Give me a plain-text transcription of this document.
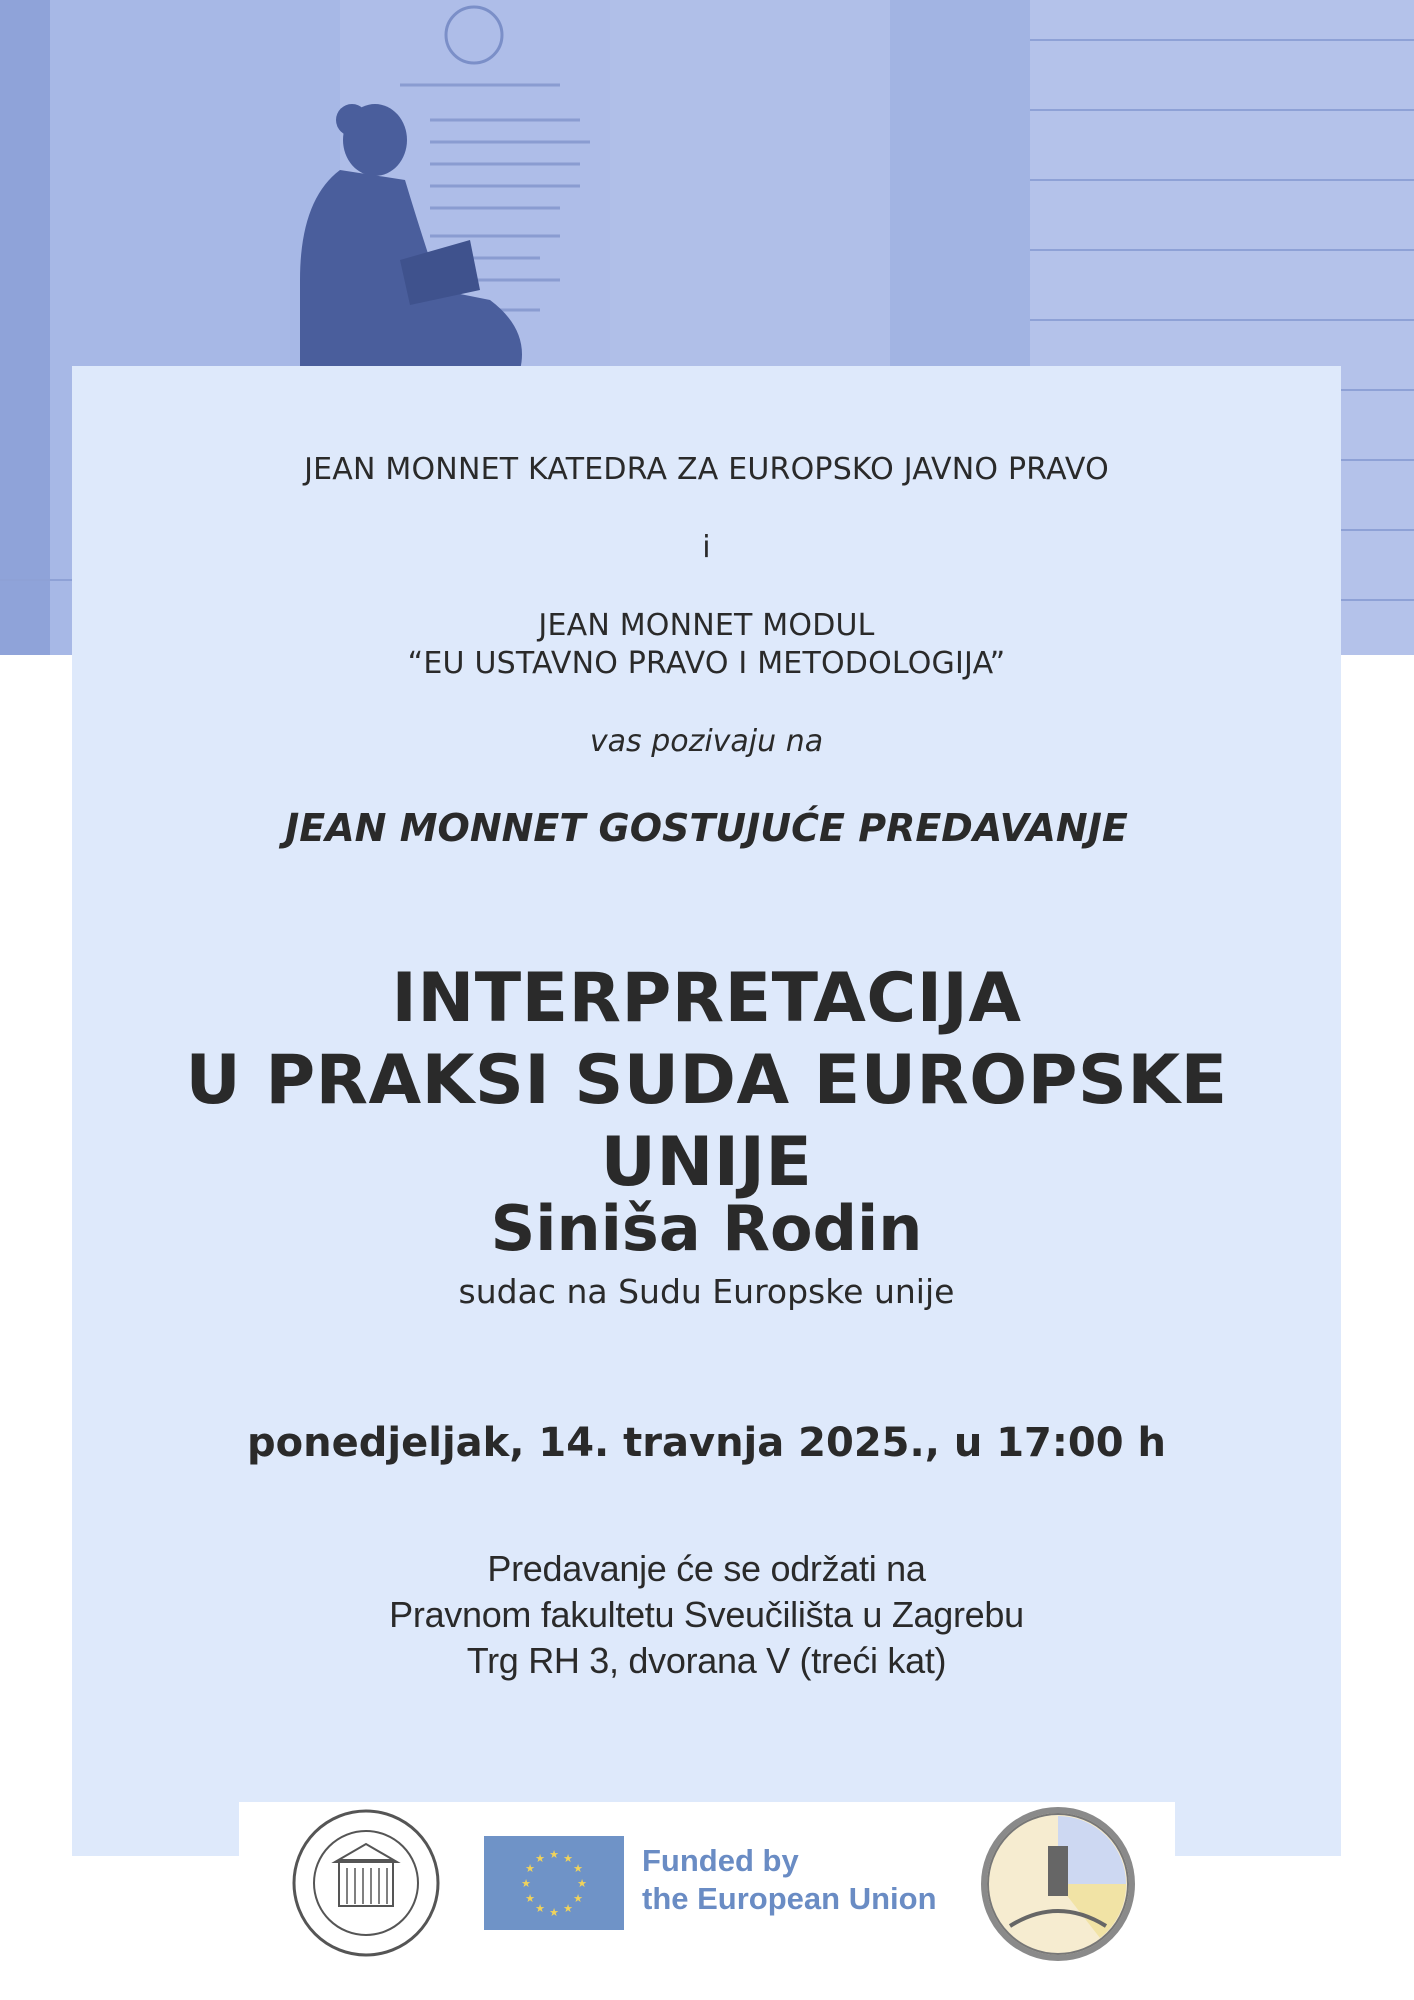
JEAN MONNET KATEDRA ZA EUROPSKO JAVNO PRAVO

i

JEAN MONNET MODUL

“EU USTAVNO PRAVO I METODOLOGIJA”

vas pozivaju na

JEAN MONNET GOSTUJUĆE PREDAVANJE

INTERPRETACIJA

U PRAKSI SUDA EUROPSKE UNIJE

Siniša Rodin

sudac na Sudu Europske unije

ponedjeljak, 14. travnja 2025., u 17:00 h

Predavanje će se održati na

Pravnom fakultetu Sveučilišta u Zagrebu

Trg RH 3, dvorana V (treći kat)

★ ★
★
★
★
★
★
★
★
★
★
★	Funded by
the European Union
